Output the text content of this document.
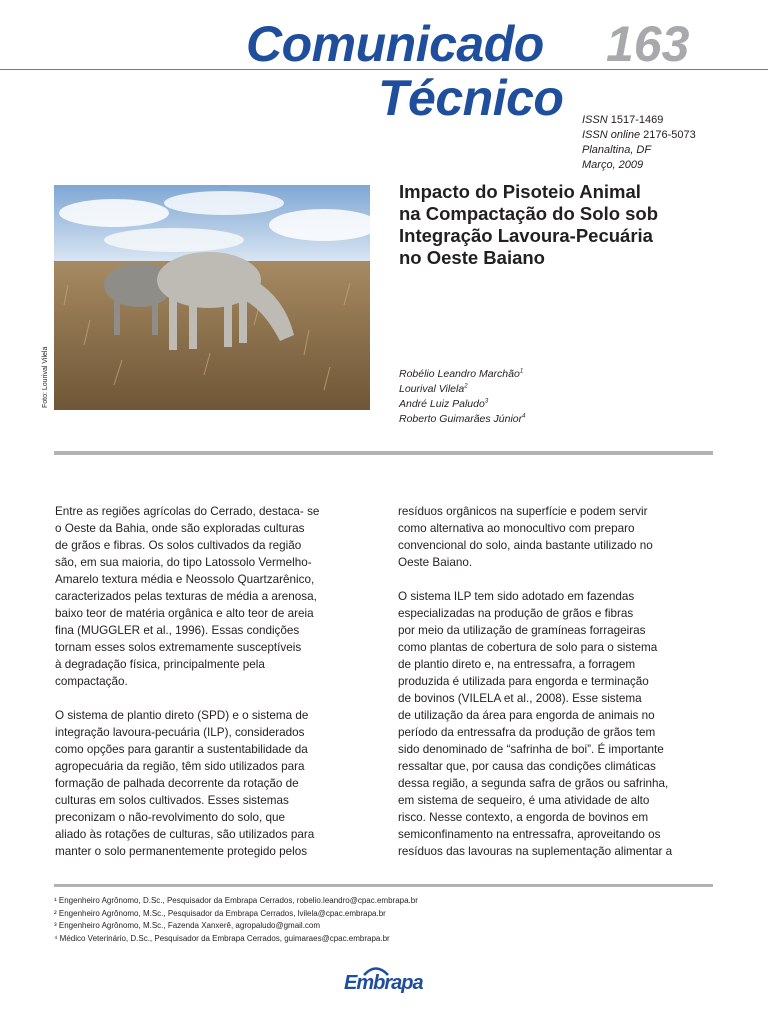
Comunicado 163
Técnico ISSN 1517-1469
ISSN online 2176-5073
Planaltina, DF
Março, 2009
Foto: Lourival Vilela
Impacto do Pisoteio Animal
na Compactação do Solo sob
Integração Lavoura-Pecuária
no Oeste Baiano
Robélio Leandro Marchão$^1$
Lourival Vilela$^2$
André Luiz Paludo$^3$
Roberto Guimarães Júnior$^4$

Entre as regiões agrícolas do Cerrado, destaca- se
o Oeste da Bahia, onde são exploradas culturas
de grãos e fibras. Os solos cultivados da região
são, em sua maioria, do tipo Latossolo Vermelho-
Amarelo textura média e Neossolo Quartzarênico,
caracterizados pelas texturas de média a arenosa,
baixo teor de matéria orgânica e alto teor de areia
fina (MUGGLER et al., 1996). Essas condições
tornam esses solos extremamente susceptíveis
à degradação física, principalmente pela
compactação.

O sistema de plantio direto (SPD) e o sistema de
integração lavoura-pecuária (ILP), considerados
como opções para garantir a sustentabilidade da
agropecuária da região, têm sido utilizados para
formação de palhada decorrente da rotação de
culturas em solos cultivados. Esses sistemas
preconizam o não-revolvimento do solo, que
aliado às rotações de culturas, são utilizados para
manter o solo permanentemente protegido pelos

resíduos orgânicos na superfície e podem servir
como alternativa ao monocultivo com preparo
convencional do solo, ainda bastante utilizado no
Oeste Baiano.

O sistema ILP tem sido adotado em fazendas
especializadas na produção de grãos e fibras
por meio da utilização de gramíneas forrageiras
como plantas de cobertura de solo para o sistema
de plantio direto e, na entressafra, a forragem
produzida é utilizada para engorda e terminação
de bovinos (VILELA et al., 2008). Esse sistema
de utilização da área para engorda de animais no
período da entressafra da produção de grãos tem
sido denominado de “safrinha de boi”. É importante
ressaltar que, por causa das condições climáticas
dessa região, a segunda safra de grãos ou safrinha,
em sistema de sequeiro, é uma atividade de alto
risco. Nesse contexto, a engorda de bovinos em
semiconfinamento na entressafra, aproveitando os
resíduos das lavouras na suplementação alimentar a

¹ Engenheiro Agrônomo, D.Sc., Pesquisador da Embrapa Cerrados, robelio.leandro@cpac.embrapa.br
² Engenheiro Agrônomo, M.Sc., Pesquisador da Embrapa Cerrados, lvilela@cpac.embrapa.br
³ Engenheiro Agrônomo, M.Sc., Fazenda Xanxerê, agropaludo@gmail.com
⁴ Médico Veterinário, D.Sc., Pesquisador da Embrapa Cerrados, guimaraes@cpac.embrapa.br
Embrapa
